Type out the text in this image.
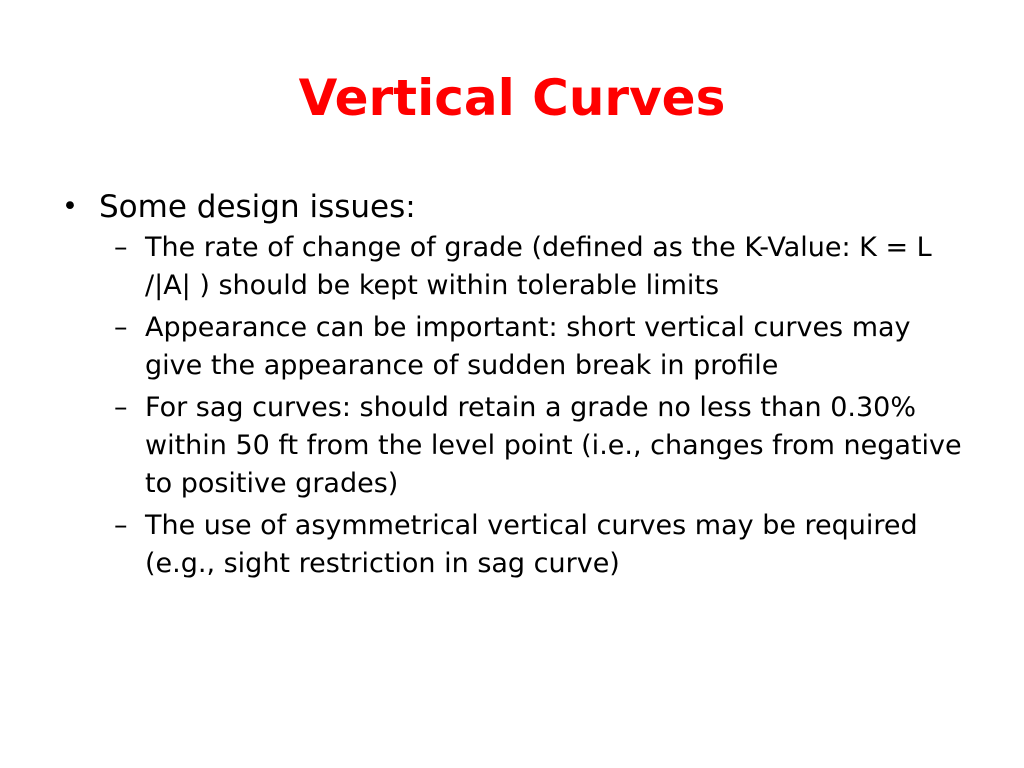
Vertical Curves
• Some design issues:
– The rate of change of grade (defined as the K-Value: K = L /|A| ) should be kept within tolerable limits
– Appearance can be important: short vertical curves may give the appearance of sudden break in profile
– For sag curves: should retain a grade no less than 0.30% within 50 ft from the level point (i.e., changes from negative to positive grades)
– The use of asymmetrical vertical curves may be required (e.g., sight restriction in sag curve)
